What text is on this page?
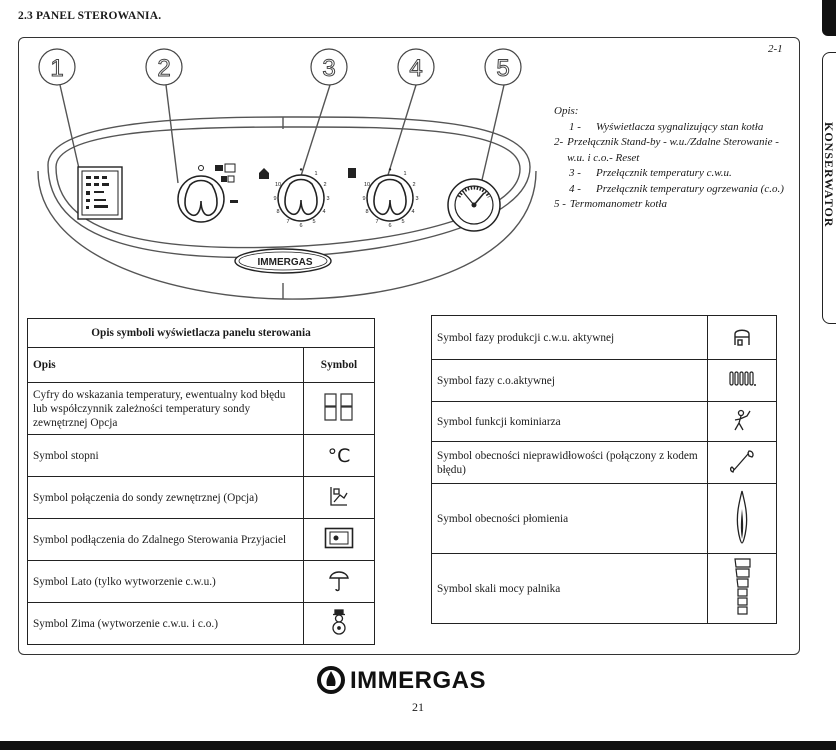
2.3 PANEL STEROWANIA.
2-1
KONSERWATOR
1	2	3	4	5
●
1
2
3
4
5
6
7
8
9
10
●
1
2
3
4
5
6
7
8
9
10
IMMERGAS
Opis:
1 -	Wyświetlacza sygnalizujący stan kotła
2- Przełącznik Stand-by - w.u./Zdalne Sterowanie - w.u. i c.o.- Reset
3 -	Przełącznik temperatury c.w.u.
4 -	Przełącznik temperatury ogrzewania (c.o.)
5 - Termomanometr kotła
Opis symboli wyświetlacza panelu sterowania	
Opis	Symbol
Cyfry do wskazania temperatury, ewentualny kod błędu lub współczynnik zależności temperatury sondy zewnętrznej Opcja	
Symbol stopni	°C
Symbol połączenia do sondy zewnętrznej (Opcja)	
Symbol podłączenia do Zdalnego Sterowania Przyjaciel	
Symbol Lato (tylko wytworzenie c.w.u.)	
Symbol Zima (wytworzenie c.w.u. i c.o.)	
Symbol fazy produkcji c.w.u. aktywnej	
Symbol fazy c.o.aktywnej	
Symbol funkcji kominiarza	
Symbol obecności nieprawidłowości (połączony z kodem błędu)	
Symbol obecności płomienia	
Symbol skali mocy palnika	
IMMERGAS
21
